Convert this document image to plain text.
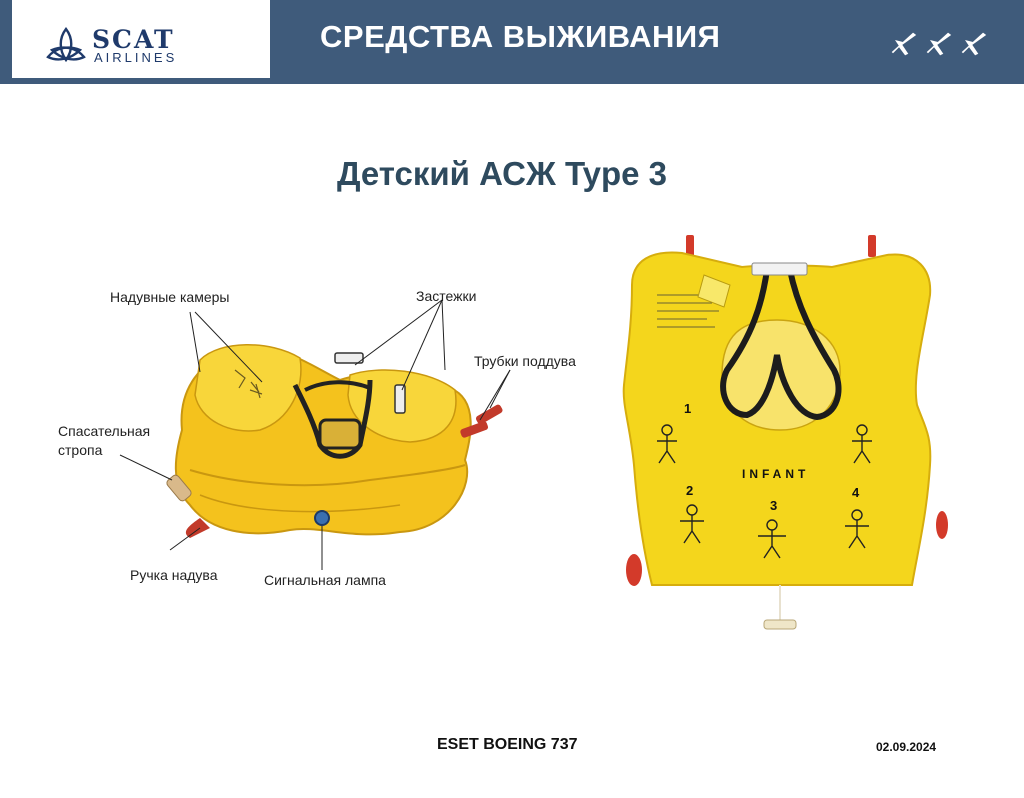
SCAT
AIRLINES
СРЕДСТВА ВЫЖИВАНИЯ
Детский АСЖ Type 3
Надувные камеры	Застежки
Трубки поддува
Спасательная
стропа
Ручка надува	Сигнальная лампа
1
2
3
4
INFANT
ESET BOEING 737	02.09.2024
